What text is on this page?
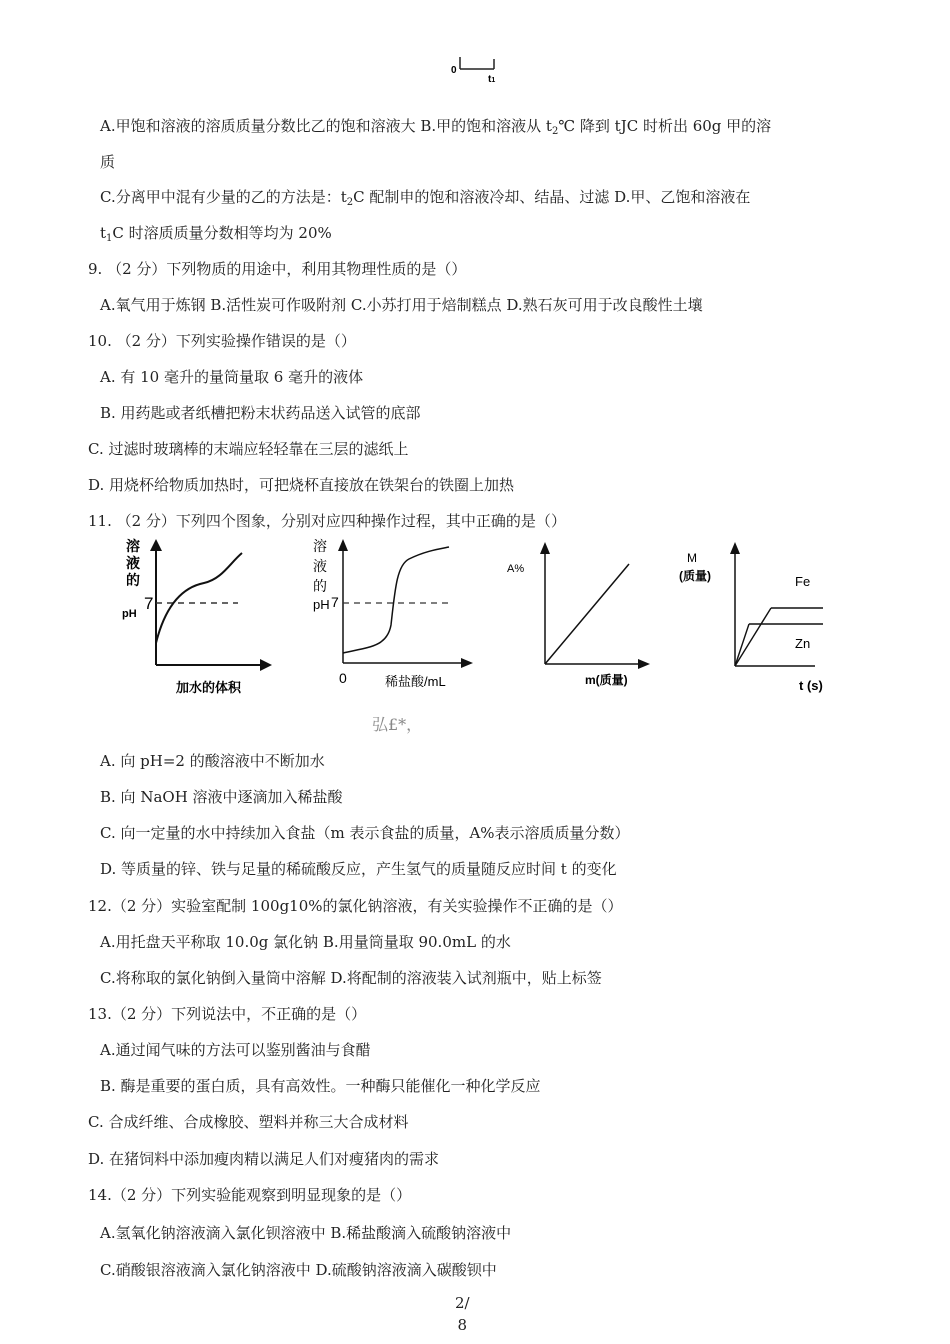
0
t1
A.甲饱和溶液的溶质质量分数比乙的饱和溶液大 B.甲的饱和溶液从 $t_2℃$ 降到 tJC 时析出 60g 甲的溶
质
C.分离甲中混有少量的乙的方法是：$t_2C$ 配制申的饱和溶液冷却、结晶、过滤 D.甲、乙饱和溶液在
$t_1C$ 时溶质质量分数相等均为 20%
9. （2 分）下列物质的用途中，利用其物理性质的是（）
A.氧气用于炼钢 B.活性炭可作吸附剂 C.小苏打用于焙制糕点 D.熟石灰可用于改良酸性土壤
10. （2 分）下列实验操作错误的是（）
A. 有 10 毫升的量筒量取 6 毫升的液体
B. 用药匙或者纸槽把粉末状药品送入试管的底部
C. 过滤时玻璃棒的末端应轻轻靠在三层的滤纸上
D. 用烧杯给物质加热时，可把烧杯直接放在铁架台的铁圈上加热
11. （2 分）下列四个图象，分别对应四种操作过程，其中正确的是（）
溶
液
的
pH
7
加水的体积
溶
液
的
pH 7
0	稀盐酸/mL
A%
m(质量)
M
(质量)	Fe
Zn
t (s)
弘£*，
A. 向 pH=2 的酸溶液中不断加水
B. 向 NaOH 溶液中逐滴加入稀盐酸
C. 向一定量的水中持续加入食盐（m 表示食盐的质量，A%表示溶质质量分数）
D. 等质量的锌、铁与足量的稀硫酸反应，产生氢气的质量随反应时间 t 的变化
12.（2 分）实验室配制 100g10%的氯化钠溶液，有关实验操作不正确的是（）
A.用托盘天平称取 10.0g 氯化钠 B.用量筒量取 90.0mL 的水
C.将称取的氯化钠倒入量筒中溶解 D.将配制的溶液装入试剂瓶中，贴上标签
13.（2 分）下列说法中，不正确的是（）
A.通过闻气味的方法可以鉴别酱油与食醋
B. 酶是重要的蛋白质，具有高效性。一种酶只能催化一种化学反应
C. 合成纤维、合成橡胶、塑料并称三大合成材料
D. 在猪饲料中添加瘦肉精以满足人们对瘦猪肉的需求
14.（2 分）下列实验能观察到明显现象的是（）
A.氢氧化钠溶液滴入氯化钡溶液中 B.稀盐酸滴入硫酸钠溶液中
C.硝酸银溶液滴入氯化钠溶液中 D.硫酸钠溶液滴入碳酸钡中
2/
8
